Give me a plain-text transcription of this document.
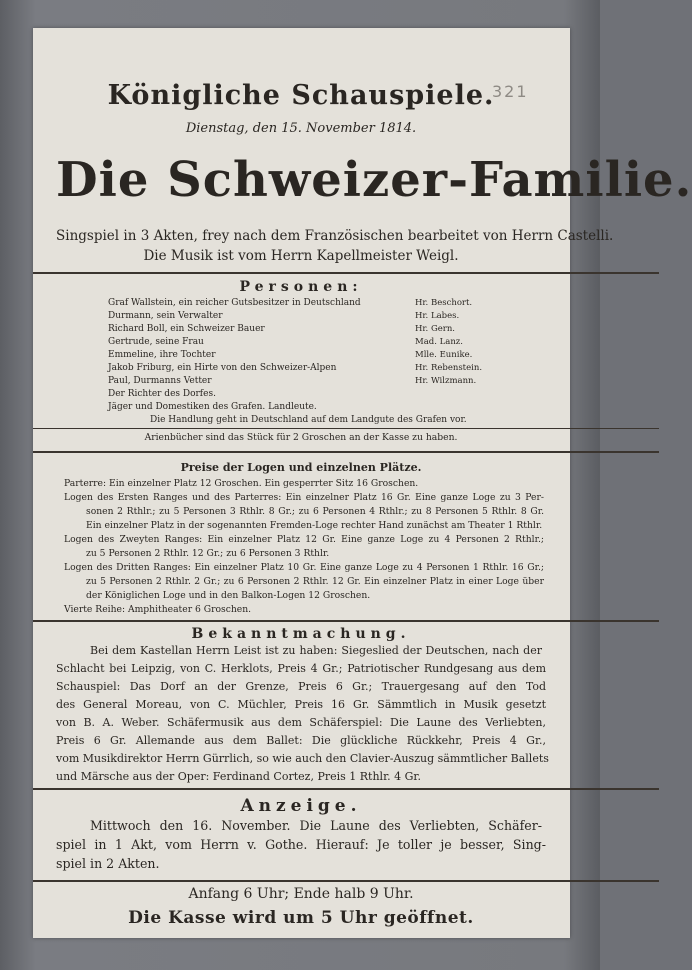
321
Königliche Schauspiele.
Dienstag, den 15. November 1814.
Die Schweizer-Familie.
Singspiel in 3 Akten, frey nach dem Französischen bearbeitet von Herrn Castelli.
Die Musik ist vom Herrn Kapellmeister Weigl.
Personen:
Graf Wallstein, ein reicher Gutsbesitzer in Deutschland	Hr. Beschort.
Durmann, sein Verwalter	Hr. Labes.
Richard Boll, ein Schweizer Bauer	Hr. Gern.
Gertrude, seine Frau	Mad. Lanz.
Emmeline, ihre Tochter	Mlle. Eunike.
Jakob Friburg, ein Hirte von den Schweizer-Alpen	Hr. Rebenstein.
Paul, Durmanns Vetter	Hr. Wilzmann.
Der Richter des Dorfes.
Jäger und Domestiken des Grafen. Landleute.
Die Handlung geht in Deutschland auf dem Landgute des Grafen vor.
Arienbücher sind das Stück für 2 Groschen an der Kasse zu haben.
Preise der Logen und einzelnen Plätze.
Parterre: Ein einzelner Platz 12 Groschen. Ein gesperrter Sitz 16 Groschen.
Logen des Ersten Ranges und des Parterres: Ein einzelner Platz 16 Gr. Eine ganze Loge zu 3 Per-
sonen 2 Rthlr.; zu 5 Personen 3 Rthlr. 8 Gr.; zu 6 Personen 4 Rthlr.; zu 8 Personen 5 Rthlr. 8 Gr.
Ein einzelner Platz in der sogenannten Fremden-Loge rechter Hand zunächst am Theater 1 Rthlr.
Logen des Zweyten Ranges: Ein einzelner Platz 12 Gr. Eine ganze Loge zu 4 Personen 2 Rthlr.;
zu 5 Personen 2 Rthlr. 12 Gr.; zu 6 Personen 3 Rthlr.
Logen des Dritten Ranges: Ein einzelner Platz 10 Gr. Eine ganze Loge zu 4 Personen 1 Rthlr. 16 Gr.;
zu 5 Personen 2 Rthlr. 2 Gr.; zu 6 Personen 2 Rthlr. 12 Gr. Ein einzelner Platz in einer Loge über
der Königlichen Loge und in den Balkon-Logen 12 Groschen.
Vierte Reihe: Amphitheater 6 Groschen.
Bekanntmachung.
Bei dem Kastellan Herrn Leist ist zu haben: Siegeslied der Deutschen, nach der
Schlacht bei Leipzig, von C. Herklots, Preis 4 Gr.; Patriotischer Rundgesang aus dem
Schauspiel: Das Dorf an der Grenze, Preis 6 Gr.; Trauergesang auf den Tod
des General Moreau, von C. Müchler, Preis 16 Gr. Sämmtlich in Musik gesetzt
von B. A. Weber. Schäfermusik aus dem Schäferspiel: Die Laune des Verliebten,
Preis 6 Gr. Allemande aus dem Ballet: Die glückliche Rückkehr, Preis 4 Gr.,
vom Musikdirektor Herrn Gürrlich, so wie auch den Clavier-Auszug sämmtlicher Ballets
und Märsche aus der Oper: Ferdinand Cortez, Preis 1 Rthlr. 4 Gr.
Anzeige.
Mittwoch den 16. November. Die Laune des Verliebten, Schäfer-
spiel in 1 Akt, vom Herrn v. Gothe. Hierauf: Je toller je besser, Sing-
spiel in 2 Akten.
Anfang 6 Uhr; Ende halb 9 Uhr.
Die Kasse wird um 5 Uhr geöffnet.
